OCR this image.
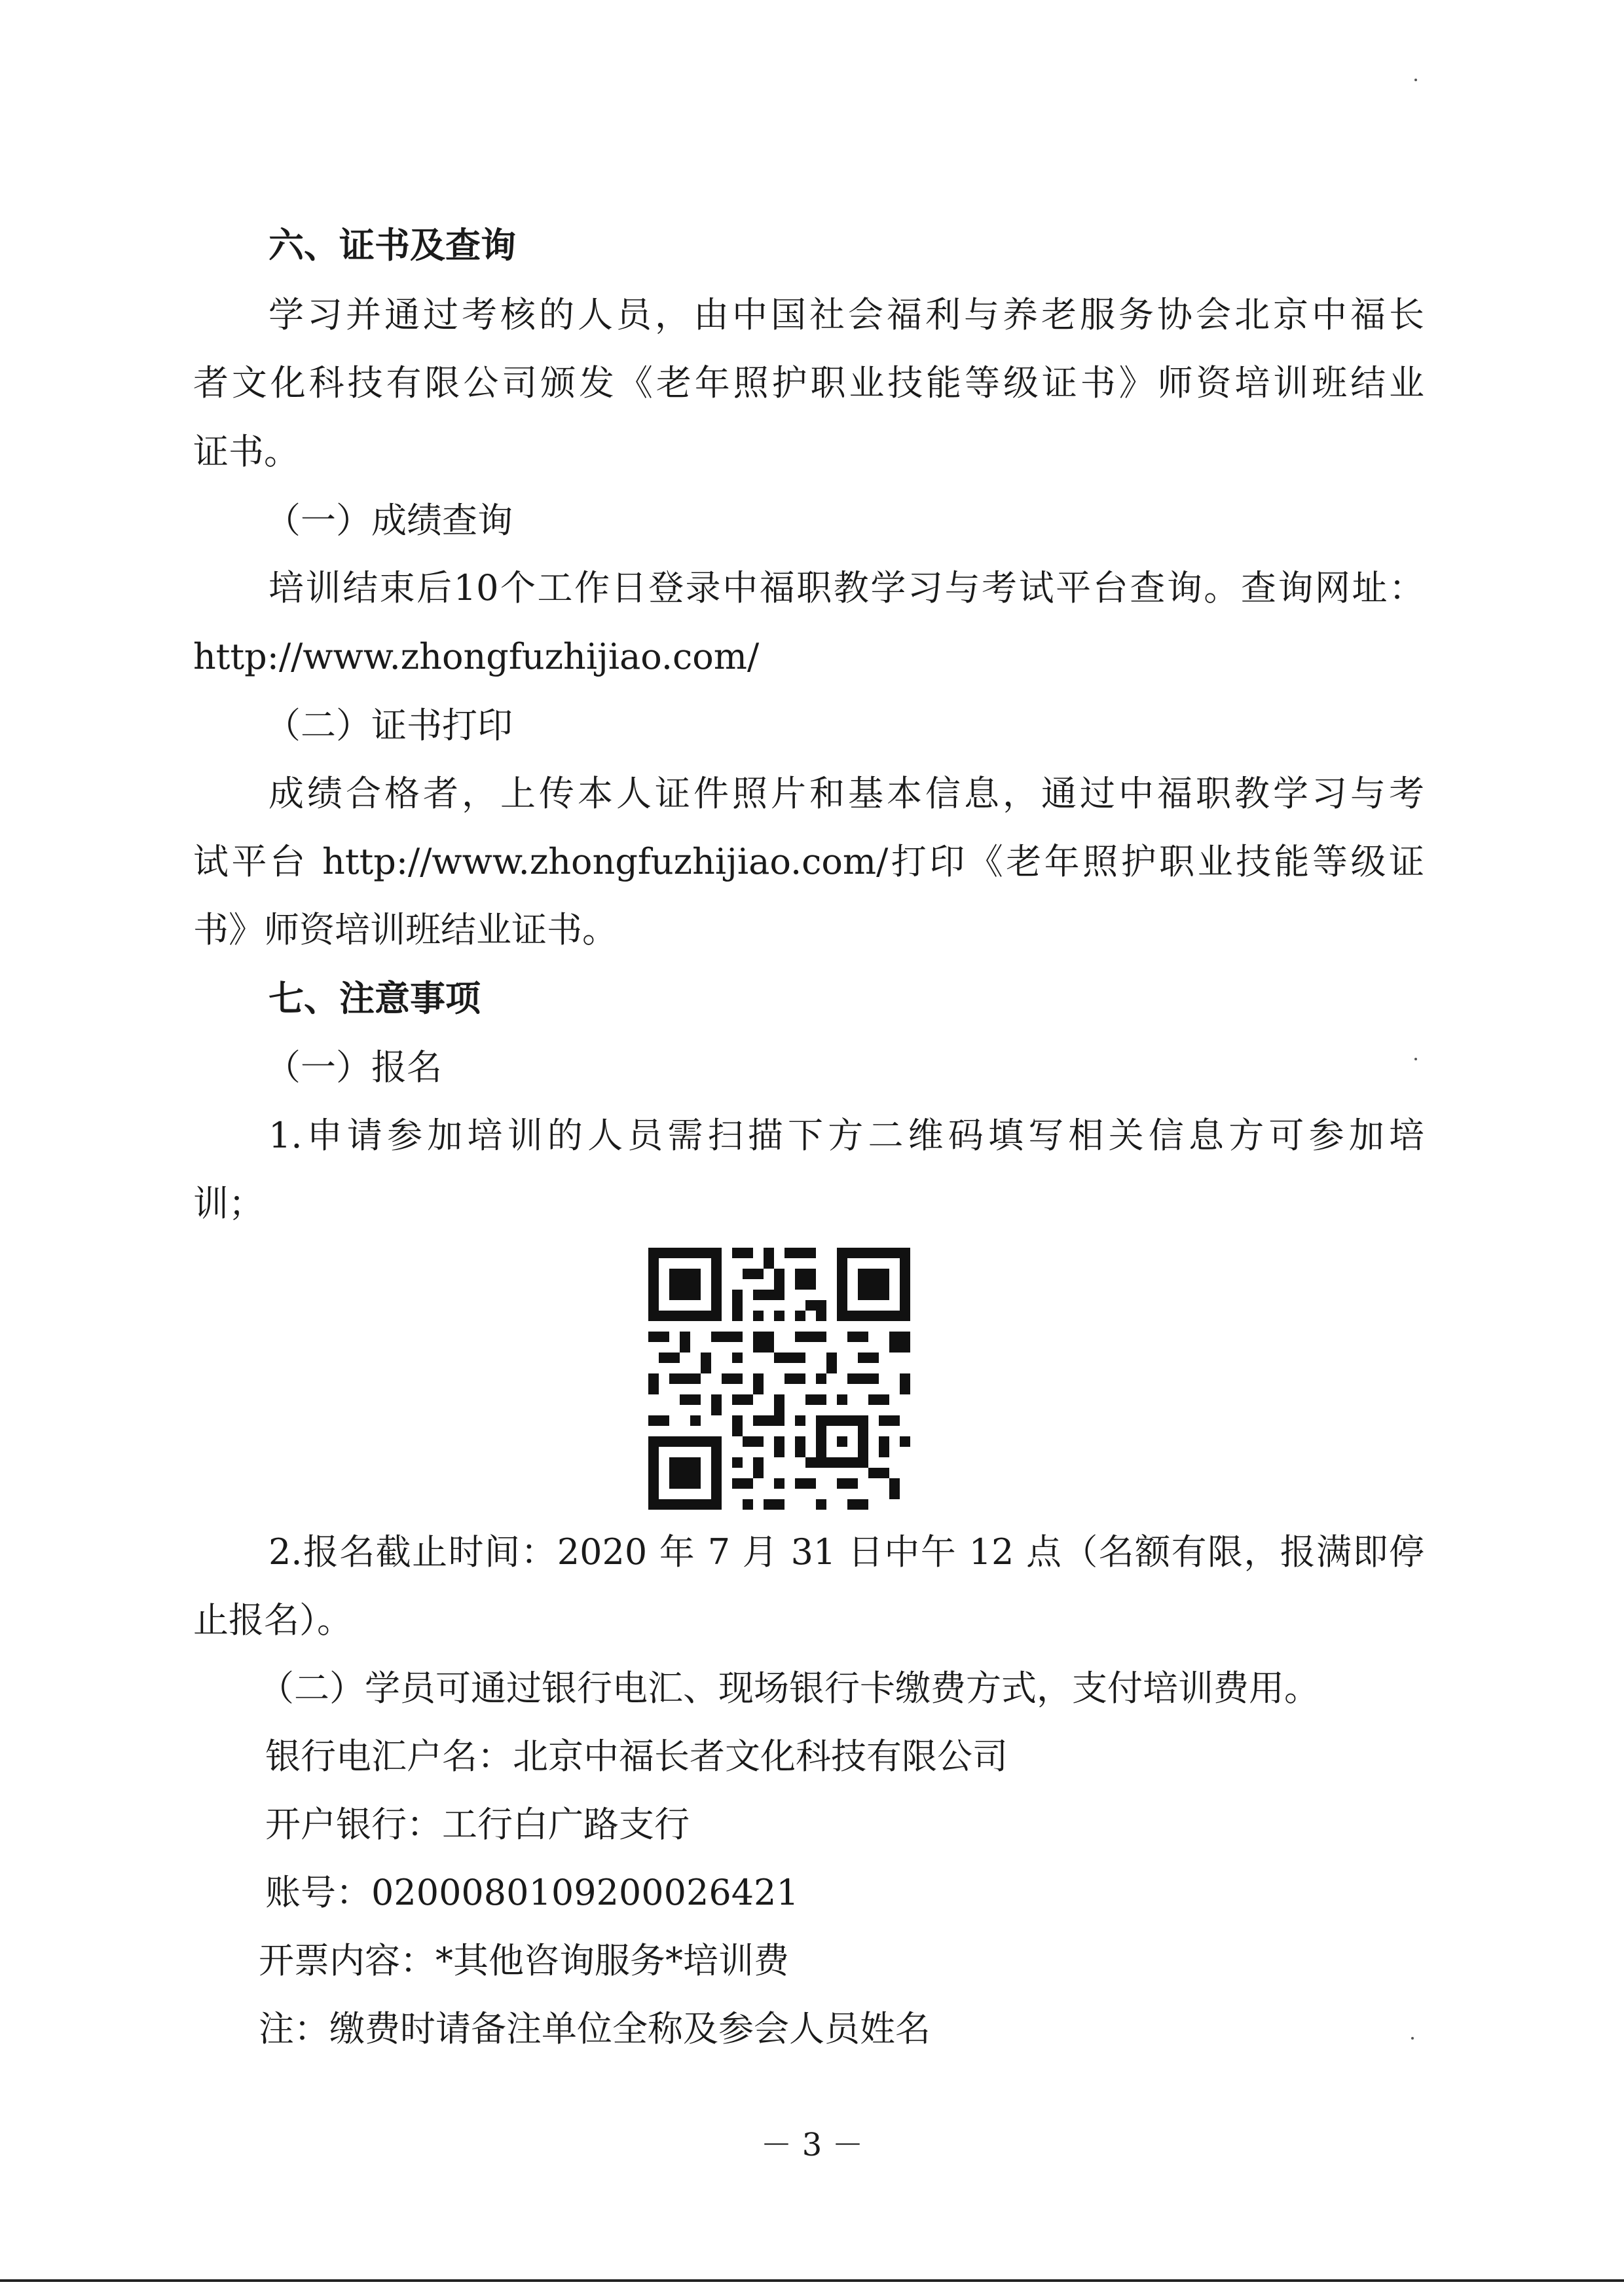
六、证书及查询
学习并通过考核的人员，由中国社会福利与养老服务协会北京中福长
者文化科技有限公司颁发《老年照护职业技能等级证书》师资培训班结业
证书。
（一）成绩查询
培训结束后10个工作日登录中福职教学习与考试平台查询。查询网址：
http://www.zhongfuzhijiao.com/
（二）证书打印
成绩合格者，上传本人证件照片和基本信息，通过中福职教学习与考
试平台 http://www.zhongfuzhijiao.com/打印《老年照护职业技能等级证
书》师资培训班结业证书。
七、注意事项
（一）报名
1.申请参加培训的人员需扫描下方二维码填写相关信息方可参加培
训；
2.报名截止时间：2020 年 7 月 31 日中午 12 点（名额有限，报满即停
止报名）。
（二）学员可通过银行电汇、现场银行卡缴费方式，支付培训费用。
银行电汇户名：北京中福长者文化科技有限公司
开户银行：工行白广路支行
账号：0200080109200026421
开票内容：*其他咨询服务*培训费
注：缴费时请备注单位全称及参会人员姓名
－ 3 －
